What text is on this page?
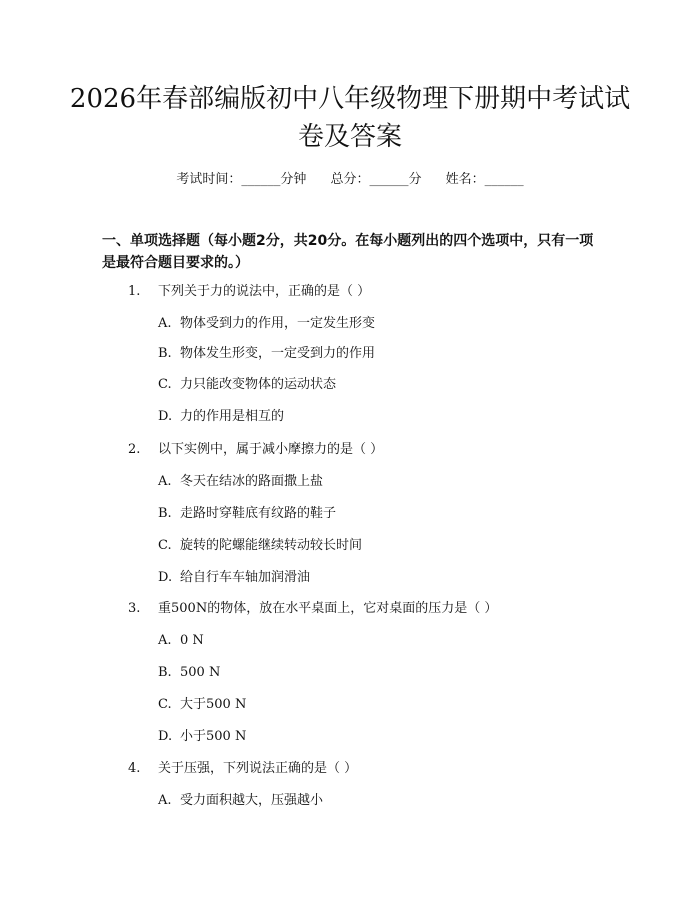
2026年春部编版初中八年级物理下册期中考试试卷及答案
考试时间：______分钟 总分：______分 姓名：______
一、单项选择题（每小题2分，共20分。在每小题列出的四个选项中，只有一项是最符合题目要求的。）
1. 下列关于力的说法中，正确的是（ ）
A. 物体受到力的作用，一定发生形变
B. 物体发生形变，一定受到力的作用
C. 力只能改变物体的运动状态
D. 力的作用是相互的
2. 以下实例中，属于减小摩擦力的是（ ）
A. 冬天在结冰的路面撒上盐
B. 走路时穿鞋底有纹路的鞋子
C. 旋转的陀螺能继续转动较长时间
D. 给自行车车轴加润滑油
3. 重500N的物体，放在水平桌面上，它对桌面的压力是（ ）
A. 0 N
B. 500 N
C. 大于500 N
D. 小于500 N
4. 关于压强，下列说法正确的是（ ）
A. 受力面积越大，压强越小
